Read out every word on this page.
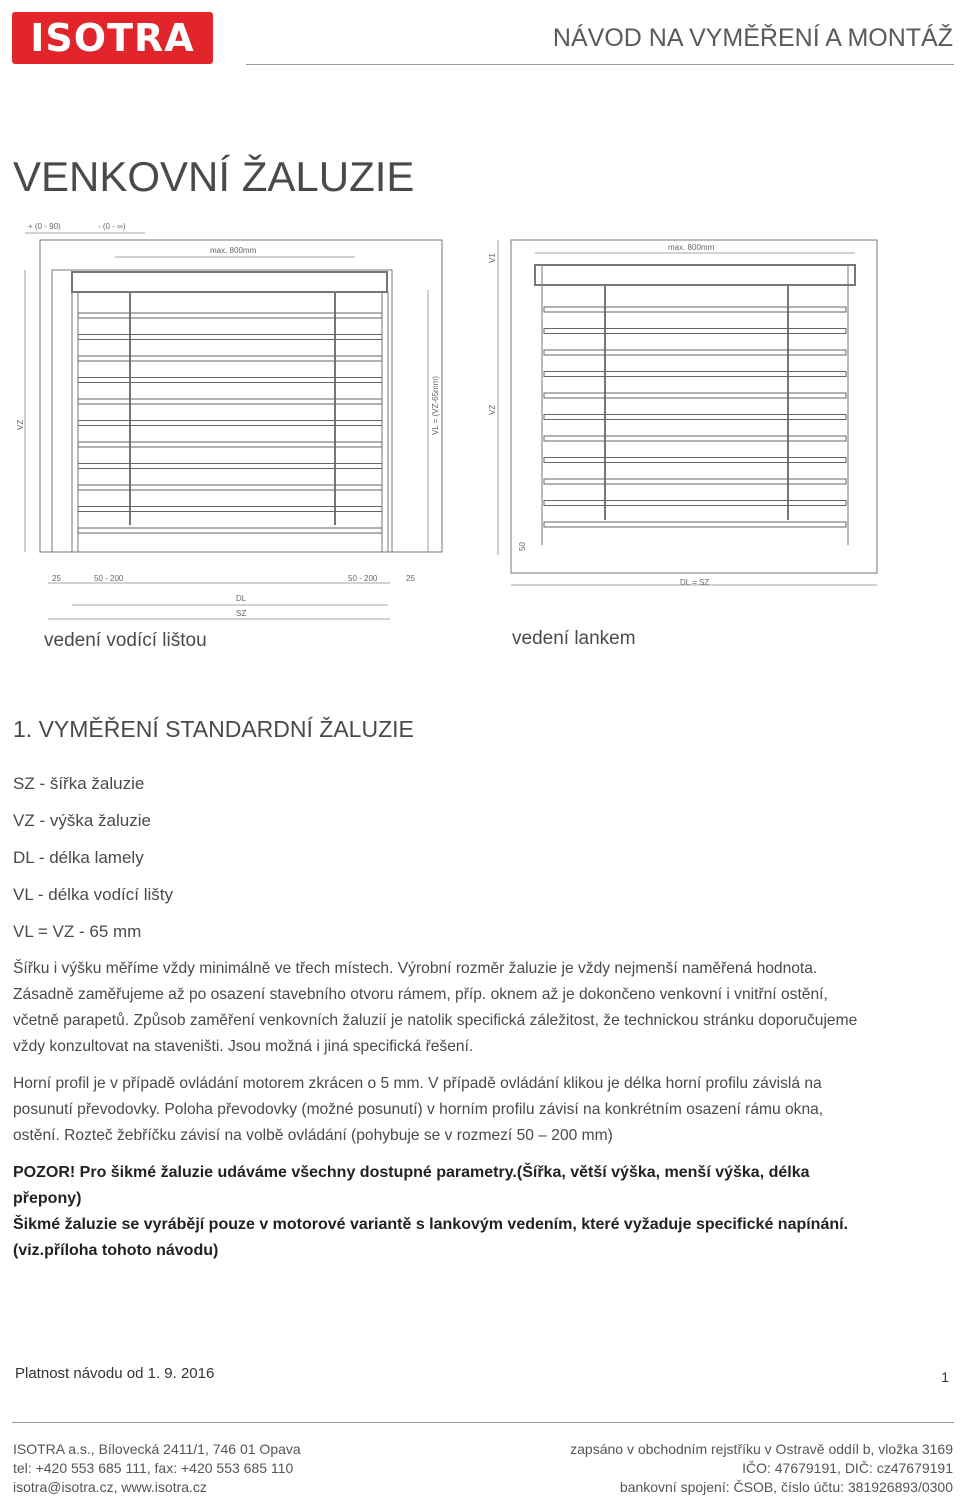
ISOTRA	NÁVOD NA VYMĚŘENÍ A MONTÁŽ
VENKOVNÍ ŽALUZIE
+ (0 - 90)	- (0 - ∞)
max. 800mm
VZ	VL = (VZ-65mm)
25	50 - 200	50 - 200	25
DL
SZ
max. 800mm
V1
VZ
50
DL = SZ
vedení vodící lištou	vedení lankem
1. VYMĚŘENÍ STANDARDNÍ ŽALUZIE
SZ - šířka žaluzie
VZ - výška žaluzie
DL - délka lamely
VL - délka vodící lišty
VL = VZ - 65 mm
Šířku i výšku měříme vždy minimálně ve třech místech. Výrobní rozměr žaluzie je vždy nejmenší naměřená hodnota.
Zásadně zaměřujeme až po osazení stavebního otvoru rámem, příp. oknem až je dokončeno venkovní i vnitřní ostění,
včetně parapetů. Způsob zaměření venkovních žaluzií je natolik specifická záležitost, že technickou stránku doporučujeme
vždy konzultovat na staveništi. Jsou možná i jiná specifická řešení.
Horní profil je v případě ovládání motorem zkrácen o 5 mm. V případě ovládání klikou je délka horní profilu závislá na
posunutí převodovky. Poloha převodovky (možné posunutí) v horním profilu závisí na konkrétním osazení rámu okna,
ostění. Rozteč žebříčku závisí na volbě ovládání (pohybuje se v rozmezí 50 – 200 mm)
POZOR! Pro šikmé žaluzie udáváme všechny dostupné parametry.(Šířka, větší výška, menší výška, délka
přepony)
Šikmé žaluzie se vyrábějí pouze v motorové variantě s lankovým vedením, které vyžaduje specifické napínání.
(viz.příloha tohoto návodu)
Platnost návodu od 1. 9. 2016	1
ISOTRA a.s., Bílovecká 2411/1, 746 01 Opava
tel: +420 553 685 111, fax: +420 553 685 110
isotra@isotra.cz, www.isotra.cz
zapsáno v obchodním rejstříku v Ostravě oddíl b, vložka 3169
IČO: 47679191, DIČ: cz47679191
bankovní spojení: ČSOB, číslo účtu: 381926893/0300
